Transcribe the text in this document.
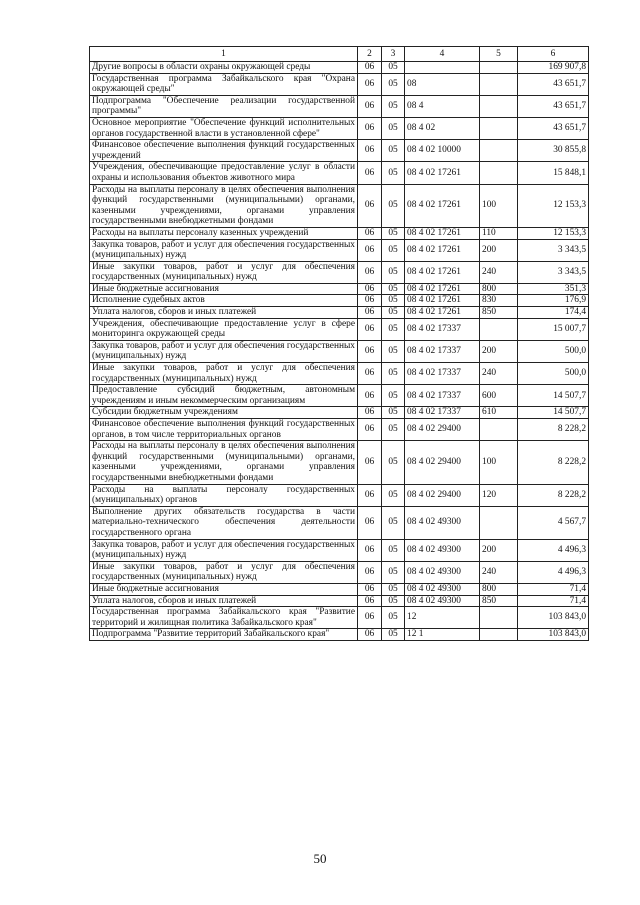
1	2	3	4	5	6
Другие вопросы в области охраны окружающей среды	06	05			169 907,8
Государственная программа Забайкальского края "Охрана окружающей среды"	06	05	08		43 651,7
Подпрограмма "Обеспечение реализации государственной программы"	06	05	08 4		43 651,7
Основное мероприятие "Обеспечение функций исполнительных органов государственной власти в установленной сфере"	06	05	08 4 02		43 651,7
Финансовое обеспечение выполнения функций государственных учреждений	06	05	08 4 02 10000		30 855,8
Учреждения, обеспечивающие предоставление услуг в области охраны и использования объектов животного мира	06	05	08 4 02 17261		15 848,1
Расходы на выплаты персоналу в целях обеспечения выполнения функций государственными (муниципальными) органами, казенными учреждениями, органами управления государственными внебюджетными фондами	06	05	08 4 02 17261	100	12 153,3
Расходы на выплаты персоналу казенных учреждений	06	05	08 4 02 17261	110	12 153,3
Закупка товаров, работ и услуг для обеспечения государственных (муниципальных) нужд	06	05	08 4 02 17261	200	3 343,5
Иные закупки товаров, работ и услуг для обеспечения государственных (муниципальных) нужд	06	05	08 4 02 17261	240	3 343,5
Иные бюджетные ассигнования	06	05	08 4 02 17261	800	351,3
Исполнение судебных актов	06	05	08 4 02 17261	830	176,9
Уплата налогов, сборов и иных платежей	06	05	08 4 02 17261	850	174,4
Учреждения, обеспечивающие предоставление услуг в сфере мониторинга окружающей среды	06	05	08 4 02 17337		15 007,7
Закупка товаров, работ и услуг для обеспечения государственных (муниципальных) нужд	06	05	08 4 02 17337	200	500,0
Иные закупки товаров, работ и услуг для обеспечения государственных (муниципальных) нужд	06	05	08 4 02 17337	240	500,0
Предоставление субсидий бюджетным, автономным учреждениям и иным некоммерческим организациям	06	05	08 4 02 17337	600	14 507,7
Субсидии бюджетным учреждениям	06	05	08 4 02 17337	610	14 507,7
Финансовое обеспечение выполнения функций государственных органов, в том числе территориальных органов	06	05	08 4 02 29400		8 228,2
Расходы на выплаты персоналу в целях обеспечения выполнения функций государственными (муниципальными) органами, казенными учреждениями, органами управления государственными внебюджетными фондами	06	05	08 4 02 29400	100	8 228,2
Расходы на выплаты персоналу государственных (муниципальных) органов	06	05	08 4 02 29400	120	8 228,2
Выполнение других обязательств государства в части материально-технического обеспечения деятельности государственного органа	06	05	08 4 02 49300		4 567,7
Закупка товаров, работ и услуг для обеспечения государственных (муниципальных) нужд	06	05	08 4 02 49300	200	4 496,3
Иные закупки товаров, работ и услуг для обеспечения государственных (муниципальных) нужд	06	05	08 4 02 49300	240	4 496,3
Иные бюджетные ассигнования	06	05	08 4 02 49300	800	71,4
Уплата налогов, сборов и иных платежей	06	05	08 4 02 49300	850	71,4
Государственная программа Забайкальского края "Развитие территорий и жилищная политика Забайкальского края"	06	05	12		103 843,0
Подпрограмма "Развитие территорий Забайкальского края"	06	05	12 1		103 843,0
50
